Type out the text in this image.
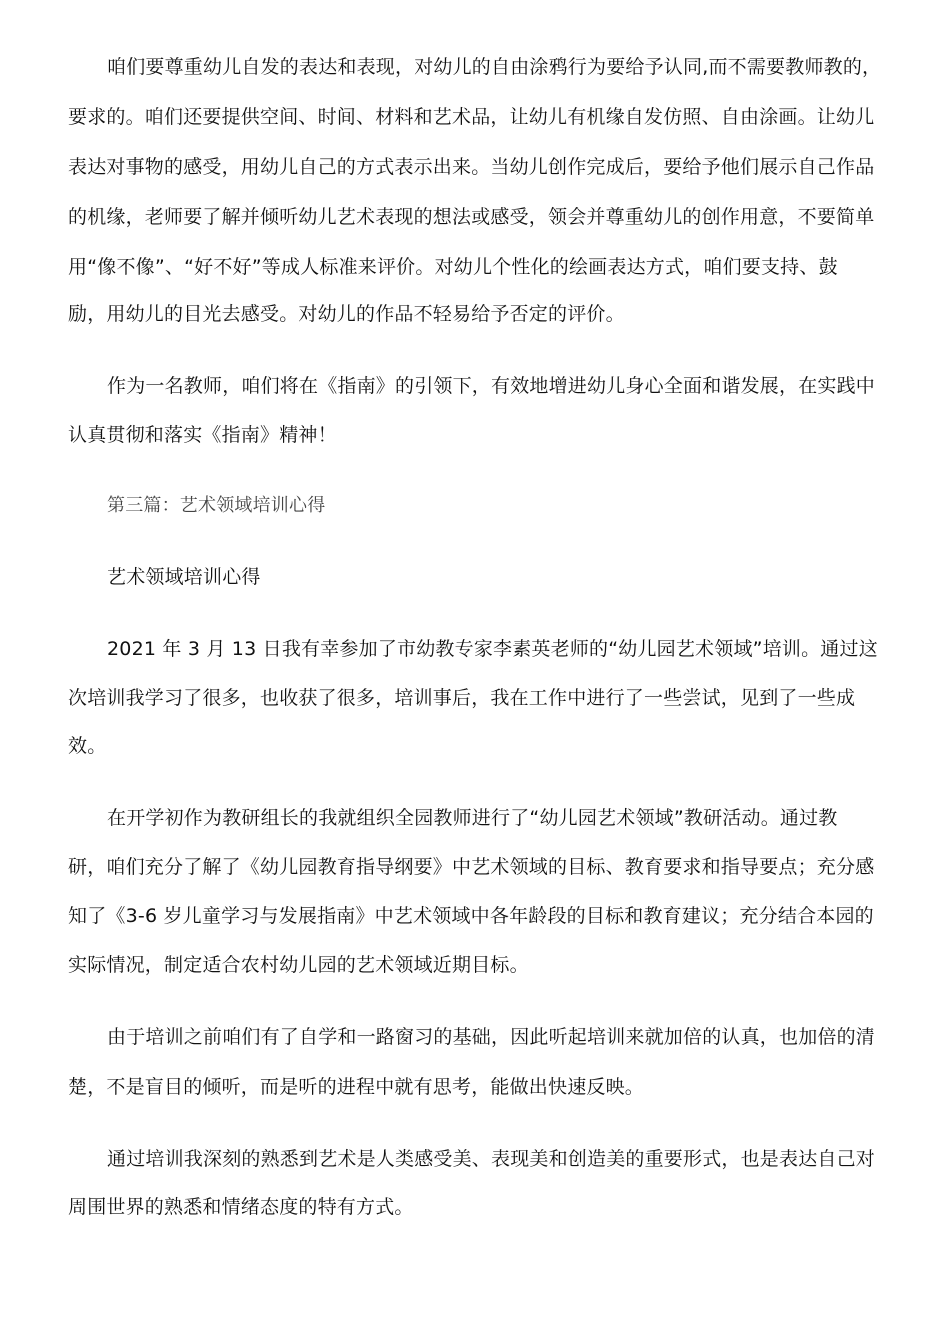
咱们要尊重幼儿自发的表达和表现，对幼儿的自由涂鸦行为要给予认同,而不需要教师教的，
要求的。咱们还要提供空间、时间、材料和艺术品，让幼儿有机缘自发仿照、自由涂画。让幼儿
表达对事物的感受，用幼儿自己的方式表示出来。当幼儿创作完成后，要给予他们展示自己作品
的机缘，老师要了解并倾听幼儿艺术表现的想法或感受，领会并尊重幼儿的创作用意，不要简单
用“像不像”、“好不好”等成人标准来评价。对幼儿个性化的绘画表达方式，咱们要支持、鼓
励，用幼儿的目光去感受。对幼儿的作品不轻易给予否定的评价。
作为一名教师，咱们将在《指南》的引领下，有效地增进幼儿身心全面和谐发展，在实践中
认真贯彻和落实《指南》精神！
第三篇：艺术领域培训心得
艺术领域培训心得
2021 年 3 月 13 日我有幸参加了市幼教专家李素英老师的“幼儿园艺术领域”培训。通过这
次培训我学习了很多，也收获了很多，培训事后，我在工作中进行了一些尝试，见到了一些成
效。
在开学初作为教研组长的我就组织全园教师进行了“幼儿园艺术领域”教研活动。通过教
研，咱们充分了解了《幼儿园教育指导纲要》中艺术领域的目标、教育要求和指导要点；充分感
知了《3-6 岁儿童学习与发展指南》中艺术领域中各年龄段的目标和教育建议；充分结合本园的
实际情况，制定适合农村幼儿园的艺术领域近期目标。
由于培训之前咱们有了自学和一路窗习的基础，因此听起培训来就加倍的认真，也加倍的清
楚，不是盲目的倾听，而是听的进程中就有思考，能做出快速反映。
通过培训我深刻的熟悉到艺术是人类感受美、表现美和创造美的重要形式，也是表达自己对
周围世界的熟悉和情绪态度的特有方式。
